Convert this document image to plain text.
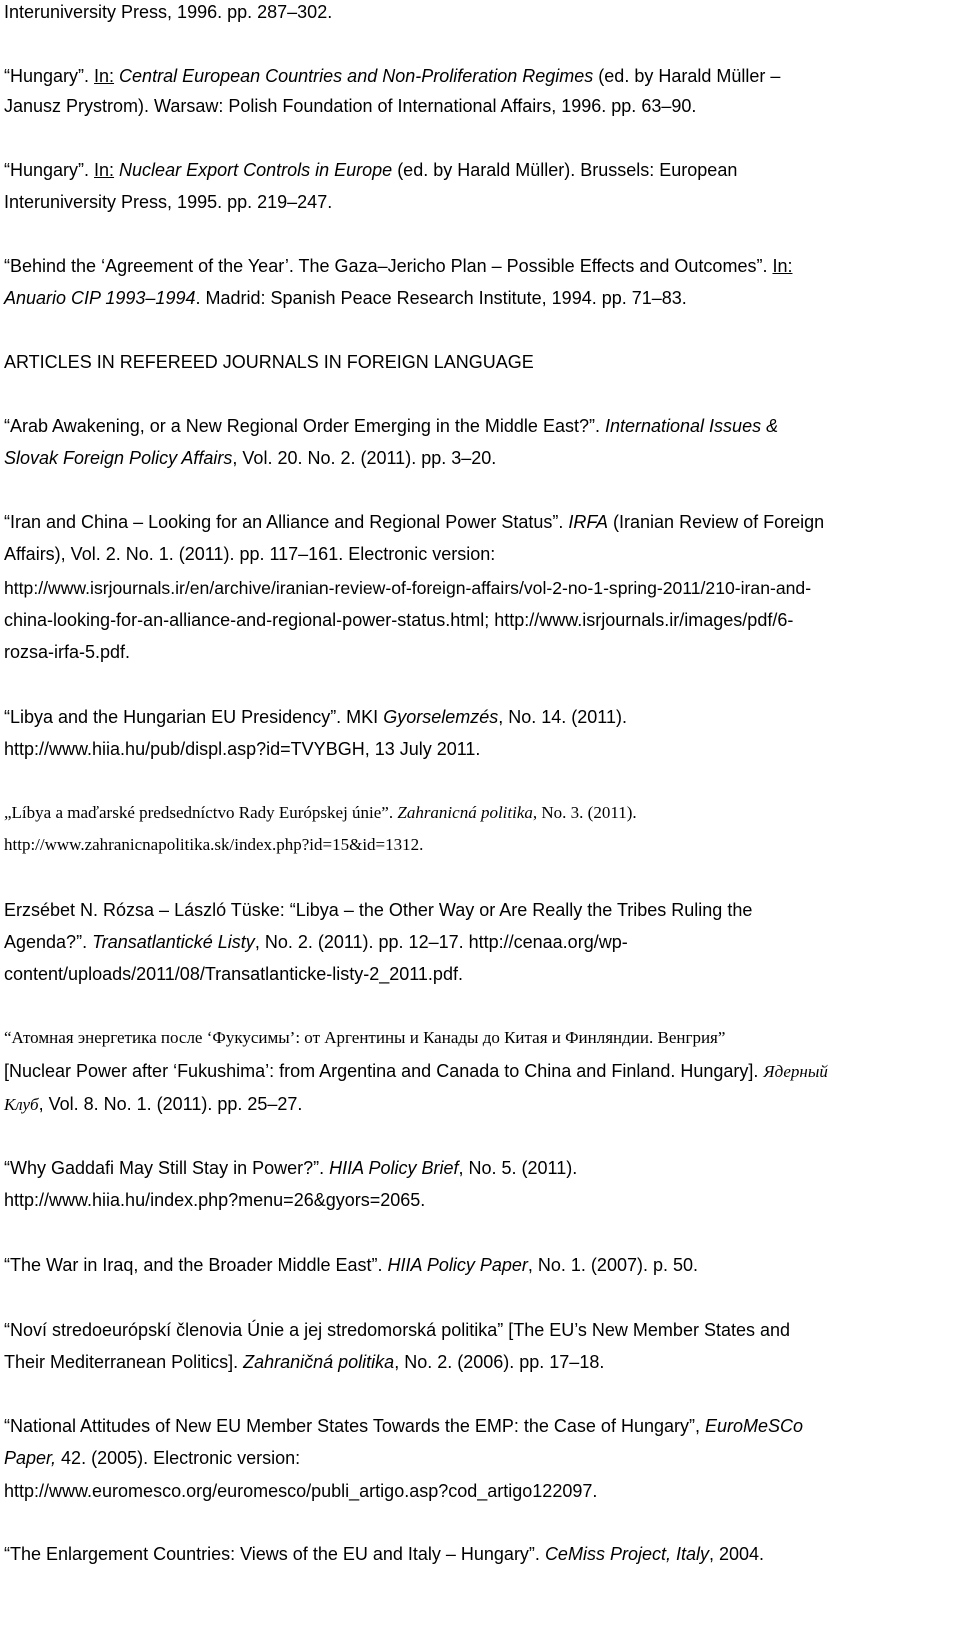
Interuniversity Press, 1996. pp. 287–302.
“Hungary”. In: Central European Countries and Non-Proliferation Regimes (ed. by Harald Müller –
Janusz Prystrom). Warsaw: Polish Foundation of International Affairs, 1996. pp. 63–90.
“Hungary”. In: Nuclear Export Controls in Europe (ed. by Harald Müller). Brussels: European
Interuniversity Press, 1995. pp. 219–247.
“Behind the ‘Agreement of the Year’. The Gaza–Jericho Plan – Possible Effects and Outcomes”. In:
Anuario CIP 1993–1994. Madrid: Spanish Peace Research Institute, 1994. pp. 71–83.
ARTICLES IN REFEREED JOURNALS IN FOREIGN LANGUAGE
“Arab Awakening, or a New Regional Order Emerging in the Middle East?”. International Issues &
Slovak Foreign Policy Affairs, Vol. 20. No. 2. (2011). pp. 3–20.
“Iran and China – Looking for an Alliance and Regional Power Status”. IRFA (Iranian Review of Foreign
Affairs), Vol. 2. No. 1. (2011). pp. 117–161. Electronic version:
http://www.isrjournals.ir/en/archive/iranian-review-of-foreign-affairs/vol-2-no-1-spring-2011/210-iran-and-
china-looking-for-an-alliance-and-regional-power-status.html; http://www.isrjournals.ir/images/pdf/6-
rozsa-irfa-5.pdf.
“Libya and the Hungarian EU Presidency”. MKI Gyorselemzés, No. 14. (2011).
http://www.hiia.hu/pub/displ.asp?id=TVYBGH, 13 July 2011.
„Líbya a maďarské predsedníctvo Rady Európskej únie”. Zahranicná politika, No. 3. (2011).
http://www.zahranicnapolitika.sk/index.php?id=15&id=1312.
Erzsébet N. Rózsa – László Tüske: “Libya – the Other Way or Are Really the Tribes Ruling the
Agenda?”. Transatlantické Listy, No. 2. (2011). pp. 12–17. http://cenaa.org/wp-
content/uploads/2011/08/Transatlanticke-listy-2_2011.pdf.
“Атомная энергетика после ‘Фукусимы’: от Аргентины и Канады до Китая и Финляндии. Венгрия”
[Nuclear Power after ‘Fukushima’: from Argentina and Canada to China and Finland. Hungary]. Ядерный
Клуб, Vol. 8. No. 1. (2011). pp. 25–27.
“Why Gaddafi May Still Stay in Power?”. HIIA Policy Brief, No. 5. (2011).
http://www.hiia.hu/index.php?menu=26&gyors=2065.
“The War in Iraq, and the Broader Middle East”. HIIA Policy Paper, No. 1. (2007). p. 50.
“Noví stredoeurópskí členovia Únie a jej stredomorská politika” [The EU’s New Member States and
Their Mediterranean Politics]. Zahraničná politika, No. 2. (2006). pp. 17–18.
“National Attitudes of New EU Member States Towards the EMP: the Case of Hungary”, EuroMeSCo
Paper, 42. (2005). Electronic version:
http://www.euromesco.org/euromesco/publi_artigo.asp?cod_artigo122097.
“The Enlargement Countries: Views of the EU and Italy – Hungary”. CeMiss Project, Italy, 2004.
